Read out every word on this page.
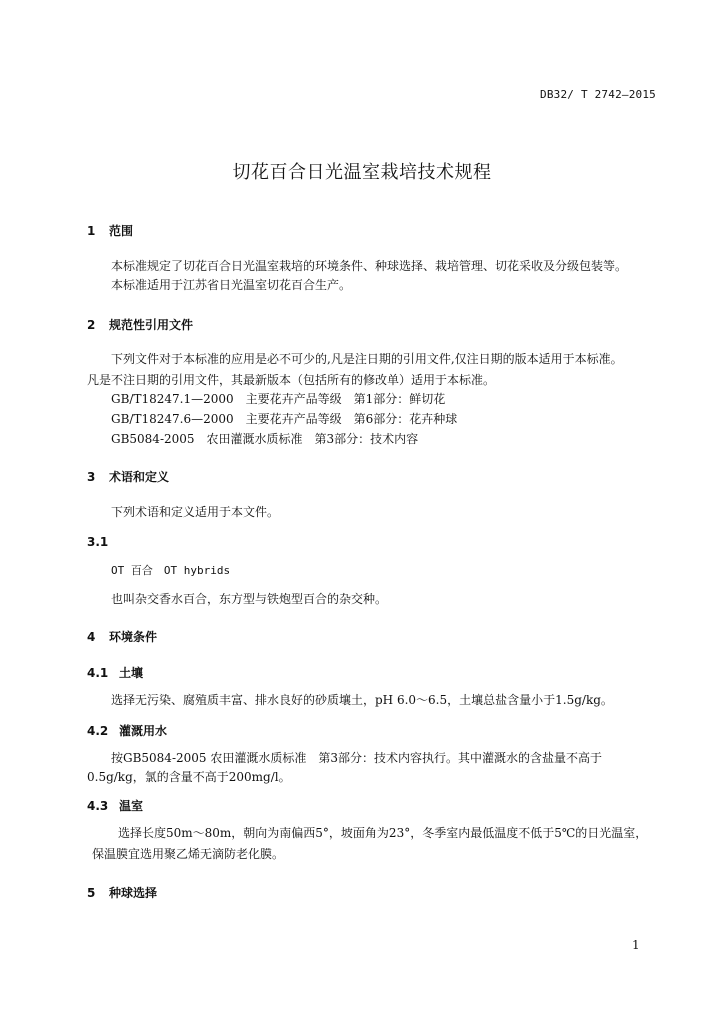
DB32/ T 2742—2015
切花百合日光温室栽培技术规程
1 范围
本标准规定了切花百合日光温室栽培的环境条件、种球选择、栽培管理、切花采收及分级包装等。
本标准适用于江苏省日光温室切花百合生产。
2 规范性引用文件
下列文件对于本标准的应用是必不可少的,凡是注日期的引用文件,仅注日期的版本适用于本标准。
凡是不注日期的引用文件，其最新版本（包括所有的修改单）适用于本标准。
GB/T18247.1—2000　主要花卉产品等级　第1部分：鲜切花
GB/T18247.6—2000　主要花卉产品等级　第6部分：花卉种球
GB5084-2005　农田灌溉水质标准　第3部分：技术内容
3 术语和定义
下列术语和定义适用于本文件。
3.1
OT 百合　OT hybrids
也叫杂交香水百合，东方型与铁炮型百合的杂交种。
4 环境条件
4.1 土壤
选择无污染、腐殖质丰富、排水良好的砂质壤土，pH 6.0～6.5，土壤总盐含量小于1.5g/kg。
4.2 灌溉用水
按GB5084-2005 农田灌溉水质标准　第3部分：技术内容执行。其中灌溉水的含盐量不高于
0.5g/kg，氯的含量不高于200mg/l。
4.3 温室
选择长度50m～80m，朝向为南偏西5°，坡面角为23°，冬季室内最低温度不低于5℃的日光温室，
保温膜宜选用聚乙烯无滴防老化膜。
5 种球选择
1
